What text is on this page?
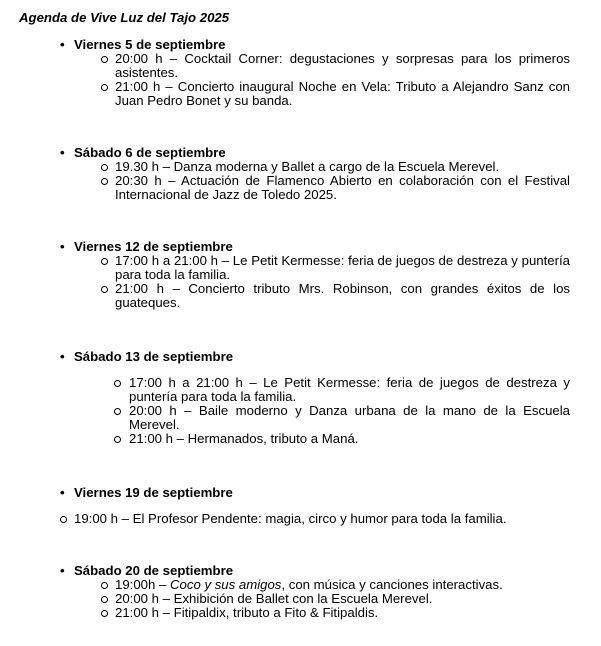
Agenda de Vive Luz del Tajo 2025
• Viernes 5 de septiembre
20:00 h – Cocktail Corner: degustaciones y sorpresas para los primeros asistentes.
21:00 h – Concierto inaugural Noche en Vela: Tributo a Alejandro Sanz con Juan Pedro Bonet y su banda.
• Sábado 6 de septiembre
19.30 h – Danza moderna y Ballet a cargo de la Escuela Merevel.
20:30 h – Actuación de Flamenco Abierto en colaboración con el Festival Internacional de Jazz de Toledo 2025.
• Viernes 12 de septiembre
17:00 h a 21:00 h – Le Petit Kermesse: feria de juegos de destreza y puntería para toda la familia.
21:00 h – Concierto tributo Mrs. Robinson, con grandes éxitos de los guateques.
• Sábado 13 de septiembre
17:00 h a 21:00 h – Le Petit Kermesse: feria de juegos de destreza y puntería para toda la familia.
20:00 h – Baile moderno y Danza urbana de la mano de la Escuela Merevel.
21:00 h – Hermanados, tributo a Maná.
• Viernes 19 de septiembre
19:00 h – El Profesor Pendente: magia, circo y humor para toda la familia.
• Sábado 20 de septiembre
19:00h – Coco y sus amigos, con música y canciones interactivas.
20:00 h – Exhibición de Ballet con la Escuela Merevel.
21:00 h – Fitipaldix, tributo a Fito & Fitipaldis.
